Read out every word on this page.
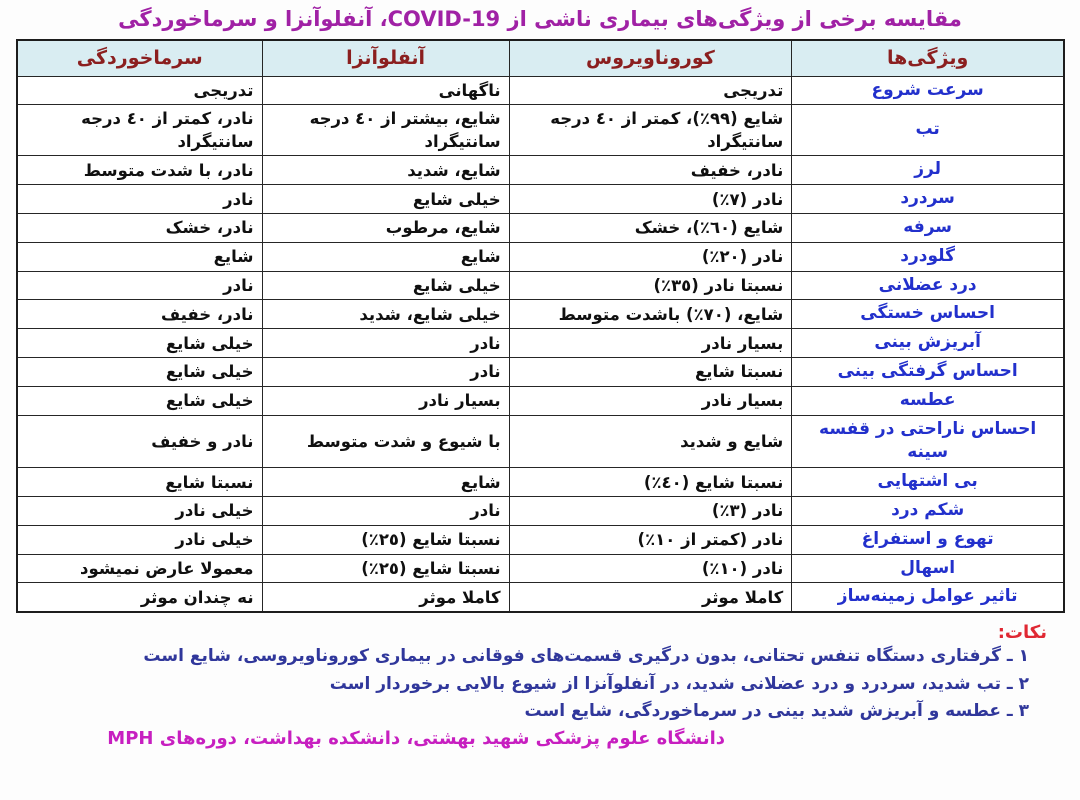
مقایسه برخی از ویژگی‌های بیماری ناشی از COVID-19، آنفلوآنزا و سرماخوردگی
ویژگی‌ها	کوروناویروس	آنفلوآنزا	سرماخوردگی
سرعت شروع	تدریجی	ناگهانی	تدریجی
تب	شایع (٩٩٪)، کمتر از ٤٠ درجه سانتیگراد	شایع، بیشتر از ٤٠ درجه سانتیگراد	نادر، کمتر از ٤٠ درجه سانتیگراد
لرز	نادر، خفیف	شایع، شدید	نادر، با شدت متوسط
سردرد	نادر (٧٪)	خیلی شایع	نادر
سرفه	شایع (٦٠٪)، خشک	شایع، مرطوب	نادر، خشک
گلودرد	نادر (٢٠٪)	شایع	شایع
درد عضلانی	نسبتا نادر (٣٥٪)	خیلی شایع	نادر
احساس خستگی	شایع، (٧٠٪) باشدت متوسط	خیلی شایع، شدید	نادر، خفیف
آبریزش بینی	بسیار نادر	نادر	خیلی شایع
احساس گرفتگی بینی	نسبتا شایع	نادر	خیلی شایع
عطسه	بسیار نادر	بسیار نادر	خیلی شایع
احساس ناراحتی در قفسه سینه	شایع و شدید	با شیوع و شدت متوسط	نادر و خفیف
بی اشتهایی	نسبتا شایع (٤٠٪)	شایع	نسبتا شایع
شکم درد	نادر (٣٪)	نادر	خیلی نادر
تهوع و استفراغ	نادر (کمتر از ١٠٪)	نسبتا شایع (٢٥٪)	خیلی نادر
اسهال	نادر (١٠٪)	نسبتا شایع (٢٥٪)	معمولا عارض نمیشود
تاثیر عوامل زمینه‌ساز	کاملا موثر	کاملا موثر	نه چندان موثر
نکات:
۱ ـ گرفتاری دستگاه تنفس تحتانی، بدون درگیری قسمت‌های فوقانی در بیماری کوروناویروسی، شایع است
۲ ـ تب شدید، سردرد و درد عضلانی شدید، در آنفلوآنزا از شیوع بالایی برخوردار است
۳ ـ عطسه و آبریزش شدید بینی در سرماخوردگی، شایع است
دانشگاه علوم پزشکی شهید بهشتی، دانشکده بهداشت، دوره‌های MPH
